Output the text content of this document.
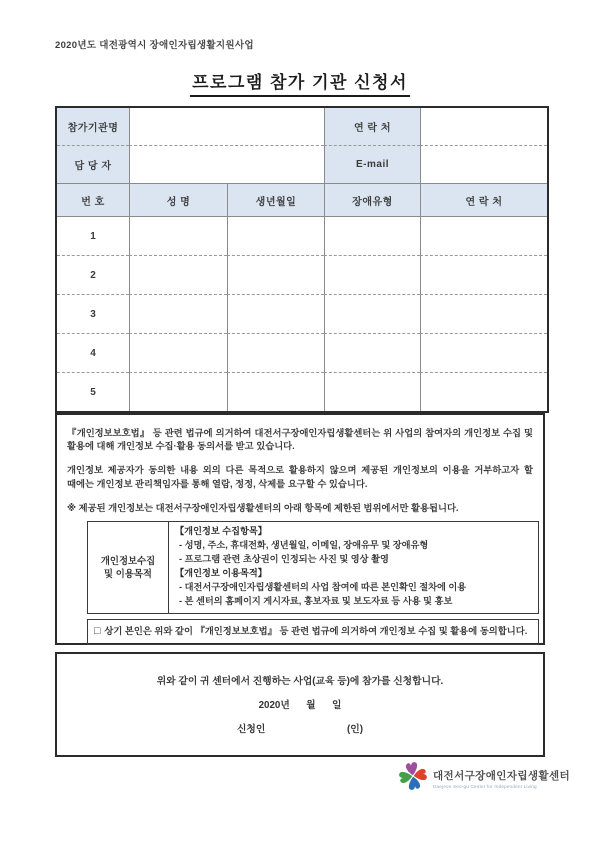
2020년도 대전광역시 장애인자립생활지원사업
프로그램 참가 기관 신청서
참가기관명			연 락 처	
담 당 자			E-mail	
번 호	성 명	생년월일	장애유형	연 락 처
1				
2				
3				
4				
5				

『개인정보보호법』 등 관련 법규에 의거하여 대전서구장애인자립생활센터는 위 사업의 참여자의 개인정보 수집 및 활용에 대해 개인정보 수집·활용 동의서를 받고 있습니다.

개인정보 제공자가 동의한 내용 외의 다른 목적으로 활용하지 않으며 제공된 개인정보의 이용을 거부하고자 할 때에는 개인정보 관리책임자를 통해 열람, 정정, 삭제를 요구할 수 있습니다.

※ 제공된 개인정보는 대전서구장애인자립생활센터의 아래 항목에 제한된 범위에서만 활용됩니다.

개인정보수집
및 이용목적
【개인정보 수집항목】
- 성명, 주소, 휴대전화, 생년월일, 이메일, 장애유무 및 장애유형
- 프로그램 관련 초상권이 인정되는 사진 및 영상 촬영
【개인정보 이용목적】
- 대전서구장애인자립생활센터의 사업 참여에 따른 본인확인 절차에 이용
- 본 센터의 홈페이지 게시자료, 홍보자료 및 보도자료 등 사용 및 홍보
□ 상기 본인은 위와 같이 『개인정보보호법』 등 관련 법규에 의거하여 개인정보 수집 및 활용에 동의합니다.
위와 같이 귀 센터에서 진행하는 사업(교육 등)에 참가를 신청합니다.
2020년      월      일
신청인                              (인)
대전서구장애인자립생활센터
Daejeon Seo-gu Center for Independent Living
